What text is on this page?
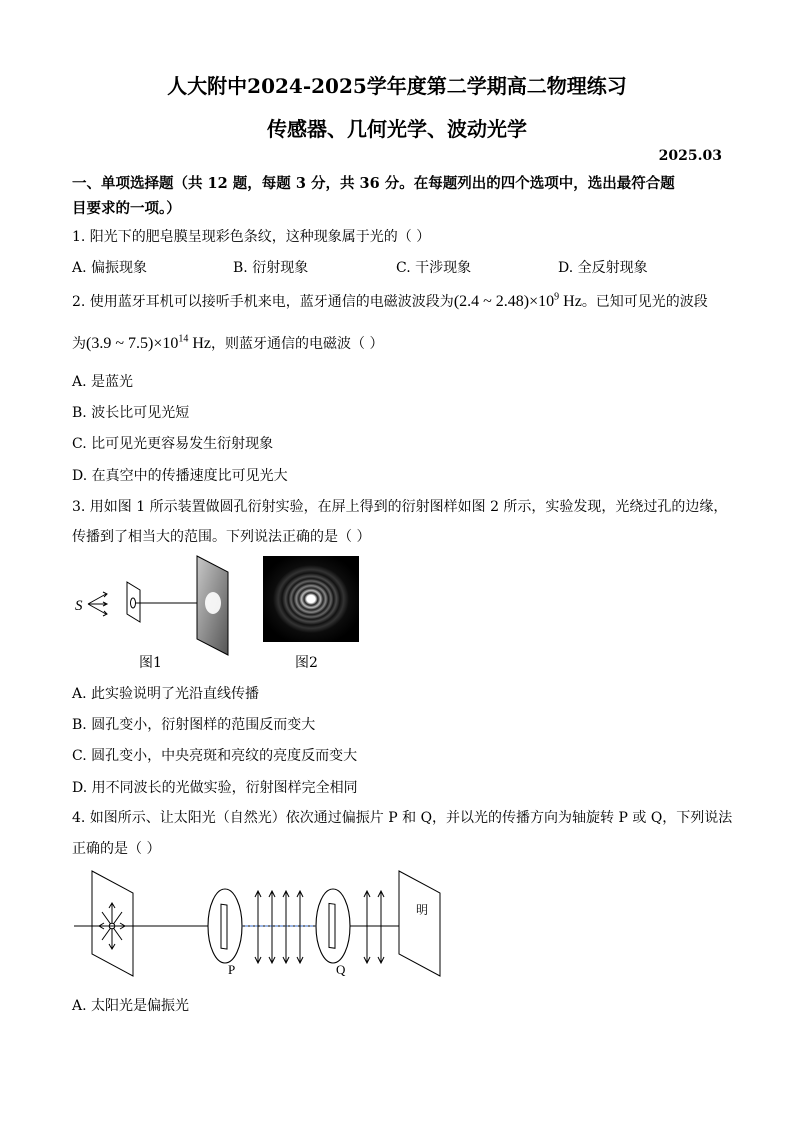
人大附中2024-2025学年度第二学期高二物理练习
传感器、几何光学、波动光学
2025.03
一、单项选择题（共 12 题，每题 3 分，共 36 分。在每题列出的四个选项中，选出最符合题
目要求的一项。）
1. 阳光下的肥皂膜呈现彩色条纹，这种现象属于光的（ ）
A. 偏振现象	B. 衍射现象	C. 干涉现象	D. 全反射现象
2. 使用蓝牙耳机可以接听手机来电，蓝牙通信的电磁波波段为(2.4 ~ $2.48)\times 10^9$ Hz。已知可见光的波段
为(3.9 ~ $7.5)\times 10^{14}$ Hz，则蓝牙通信的电磁波（ ）
A. 是蓝光
B. 波长比可见光短
C. 比可见光更容易发生衍射现象
D. 在真空中的传播速度比可见光大
3. 用如图 1 所示装置做圆孔衍射实验，在屏上得到的衍射图样如图 2 所示，实验发现，光绕过孔的边缘，
传播到了相当大的范围。下列说法正确的是（ ）
S
图1	图2
A. 此实验说明了光沿直线传播
B. 圆孔变小，衍射图样的范围反而变大
C. 圆孔变小，中央亮斑和亮纹的亮度反而变大
D. 用不同波长的光做实验，衍射图样完全相同
4. 如图所示、让太阳光（自然光）依次通过偏振片 P 和 Q，并以光的传播方向为轴旋转 P 或 Q，下列说法
正确的是（ ）
P	Q
明
A. 太阳光是偏振光
